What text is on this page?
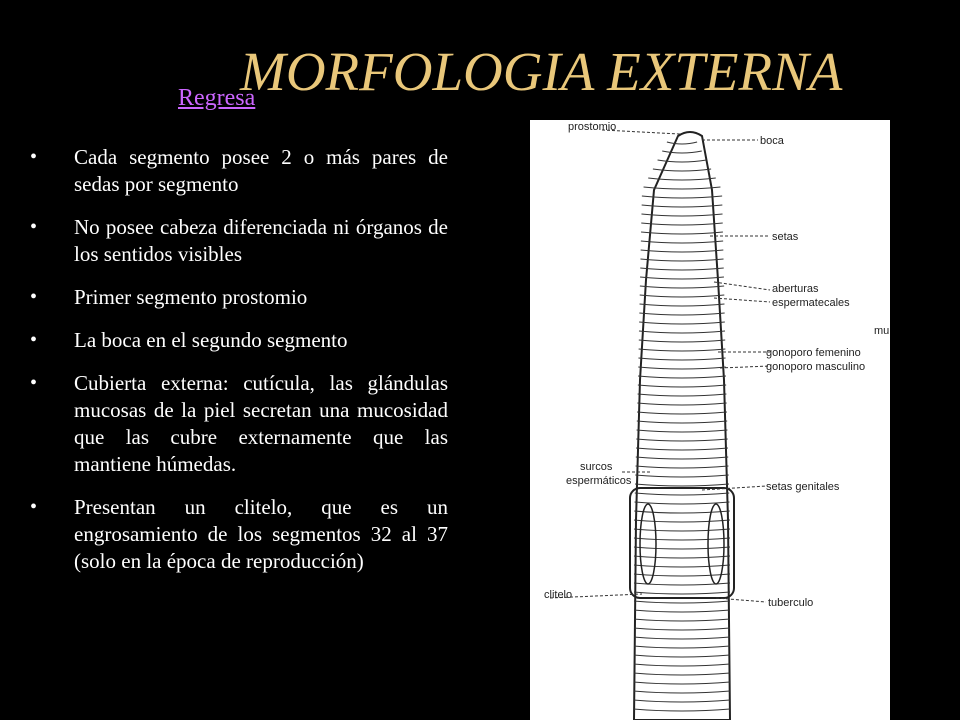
MORFOLOGIA EXTERNA
Regresa
• Cada segmento posee 2 o más pares de sedas por segmento
• No posee cabeza diferenciada ni órganos de los sentidos visibles
• Primer segmento prostomio
• La boca en el segundo segmento
• Cubierta externa: cutícula, las glándulas mucosas de la piel secretan una mucosidad que las cubre externamente que las mantiene húmedas.
• Presentan un clitelo, que es un engrosamiento de los segmentos 32 al 37 (solo en la época de reproducción)
prostomio
boca
setas
aberturas
espermatecales
mu
gonoporo femenino
gonoporo masculino
surcos
espermáticos	setas genitales
clitelo
tuberculo
